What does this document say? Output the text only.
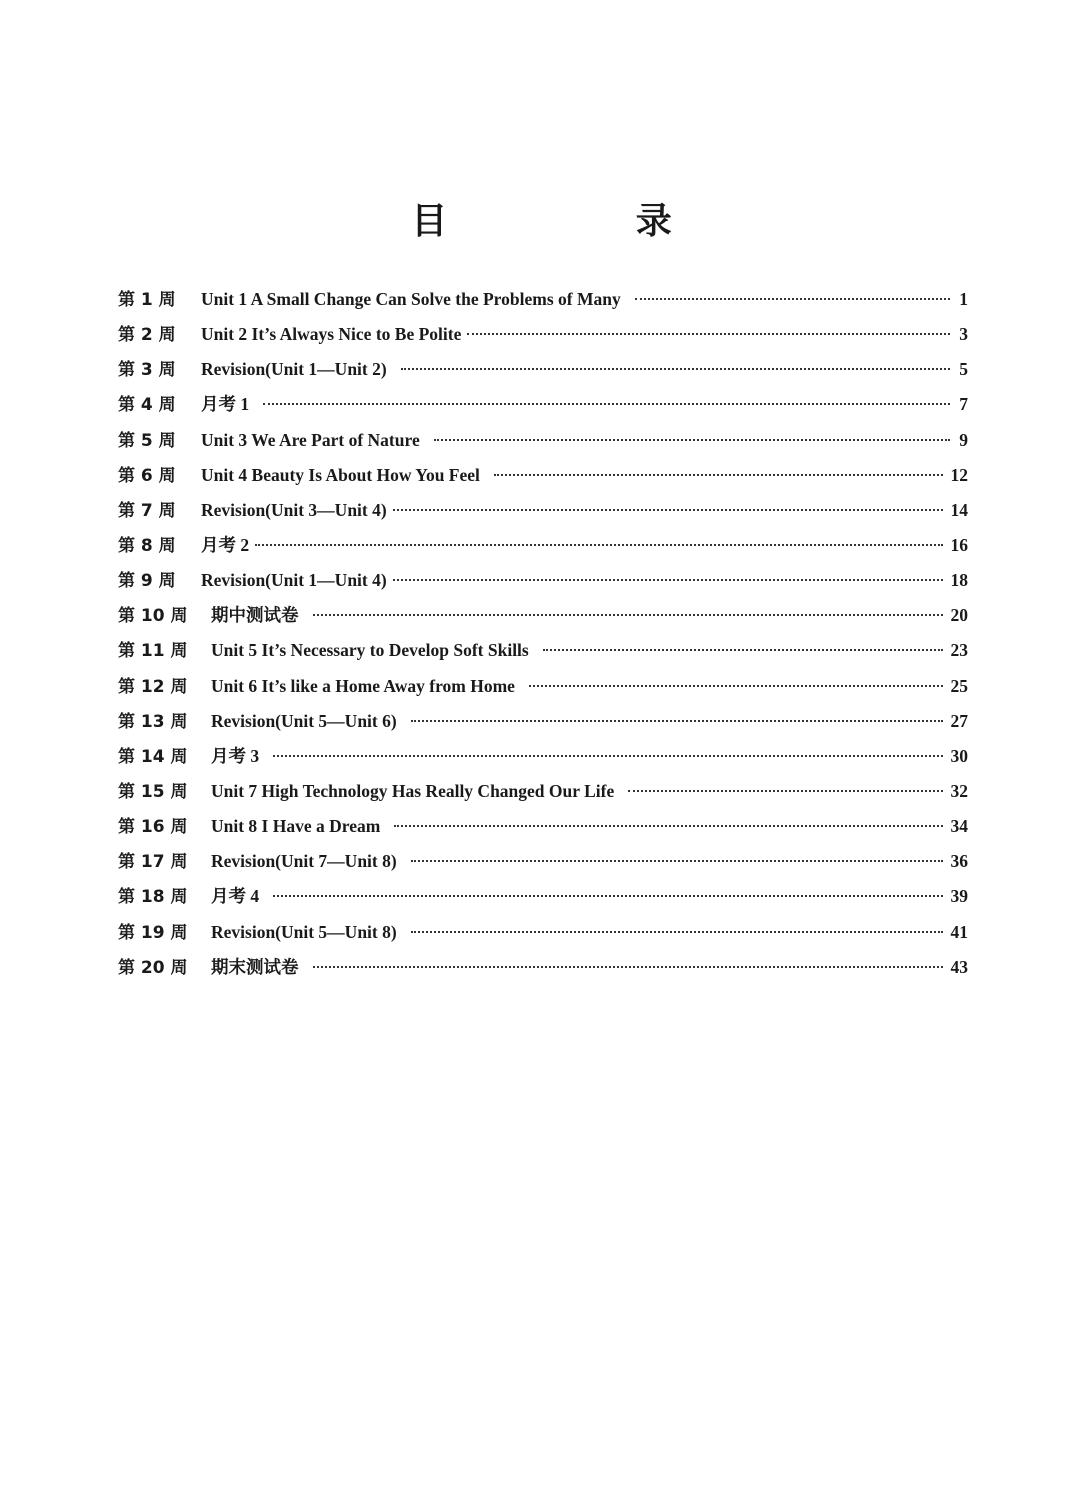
目 录
第 1 周	Unit 1 A Small Change Can Solve the Problems of Many	1
第 2 周	Unit 2 It’s Always Nice to Be Polite	3
第 3 周	Revision(Unit 1—Unit 2)	5
第 4 周	月考 1	7
第 5 周	Unit 3 We Are Part of Nature	9
第 6 周	Unit 4 Beauty Is About How You Feel	12
第 7 周	Revision(Unit 3—Unit 4)	14
第 8 周	月考 2	16
第 9 周	Revision(Unit 1—Unit 4)	18
第 10 周	期中测试卷	20
第 11 周	Unit 5 It’s Necessary to Develop Soft Skills	23
第 12 周	Unit 6 It’s like a Home Away from Home	25
第 13 周	Revision(Unit 5—Unit 6)	27
第 14 周	月考 3	30
第 15 周	Unit 7 High Technology Has Really Changed Our Life	32
第 16 周	Unit 8 I Have a Dream	34
第 17 周	Revision(Unit 7—Unit 8)	36
第 18 周	月考 4	39
第 19 周	Revision(Unit 5—Unit 8)	41
第 20 周	期末测试卷	43
